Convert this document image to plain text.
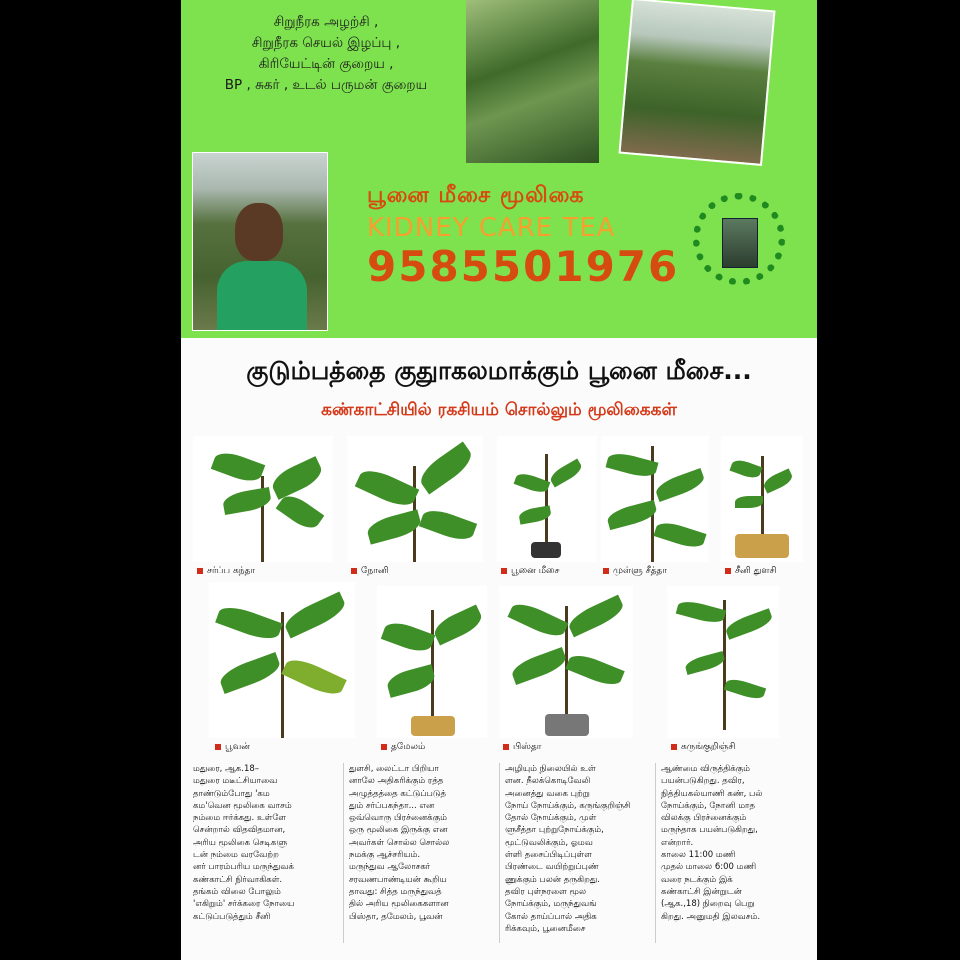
சிறுநீரக அழற்சி ,
சிறுநீரக செயல் இழப்பு ,
கிரியேட்டின் குறைய ,
BP , சுகர் , உடல் பருமன் குறைய
பூனை மீசை மூலிகை
KIDNEY CARE TEA
9585501976
குடும்பத்தை குதுாகலமாக்கும் பூனை மீசை...
கண்காட்சியில் ரகசியம் சொல்லும் மூலிகைகள்
சர்ப்ப கந்தா	நோனி	பூனை மீசை	முள்ளு சீத்தா	சீனி துளசி
பூவன்	தமேலம்	பிஸ்தா	கருங்குறிஞ்சி
மதுரை, ஆக.18–
மதுரை மடீட்சியாவை
தாண்டும்போது 'கம
கம'வென மூலிகை வாசம்
நம்மை ஈர்க்கது. உள்ளே
சென்றால் விதவிதமான,
அரிய மூலிகை செடிகளு
டன் நம்மை வரவேற்ற
னர் பாரம்பரிய மருந்துவக்
கண்காட்சி நிர்வாகிகள்.
தங்கம் விலை போலும்
'எகிறும்' சர்க்கரை நோயை
கட்டுப்படுத்தும் சீனி
துளசி, லைட்டா பிறியா
னாலே அதிகரிக்கும் ரத்த
அழுத்தத்தை கட்டுப்படுத்
தும் சர்ப்பகந்தா... என
ஒவ்வொரு பிரச்னைக்கும்
ஒரு மூலிகை இருக்கு என
அவர்கள் சொல்ல சொல்ல
நமக்கு ஆச்சரியம்.
மருந்துவ ஆலோசகர்
சரவணபாண்டியன் கூறிய
தாவது: சித்த மருந்துவத்
தில் அரிய மூலிகைகளான
பிஸ்தா, தமேலம், பூவன்
அழியும் நிலையில் உள்
ளன. நீலக்கொடிவேலி
அனைத்து வகை புற்று
நோய் நோய்க்கும், கருங்குறிஞ்சி
தோல் நோய்க்கும், முள்
ளுசீத்தா புற்றுநோய்க்கும்,
மூட்டுவலிக்கும், ஓமவ
ள்ளி தசைப்பிடிப்புள்ள
பிரண்டை வயிற்றுப்புண்
ணுக்கும் பலன் தருகிறது.
தவிர புள்நரளை மூல
நோய்க்கும், மருந்துவங்
கோல் தாய்ப்பால் அதிக
ரிக்கவும், பூனைமீசை
ஆண்மை விருத்திக்கும்
பயன்படுகிறது. தவிர,
நித்தியகல்யாணி கண், பல்
நோய்க்கும், நோனி மாத
விலக்கு பிரச்னைக்கும்
மருந்தாக பயன்படுகிறது,
என்றார்.
காலை 11:00 மணி
முதல் மாலை 6:00 மணி
வரை நடக்கும் இக்
கண்காட்சி இன்றுடன்
(ஆக.,18) நிறைவு பெறு
கிறது. அனுமதி இலவசம்.
